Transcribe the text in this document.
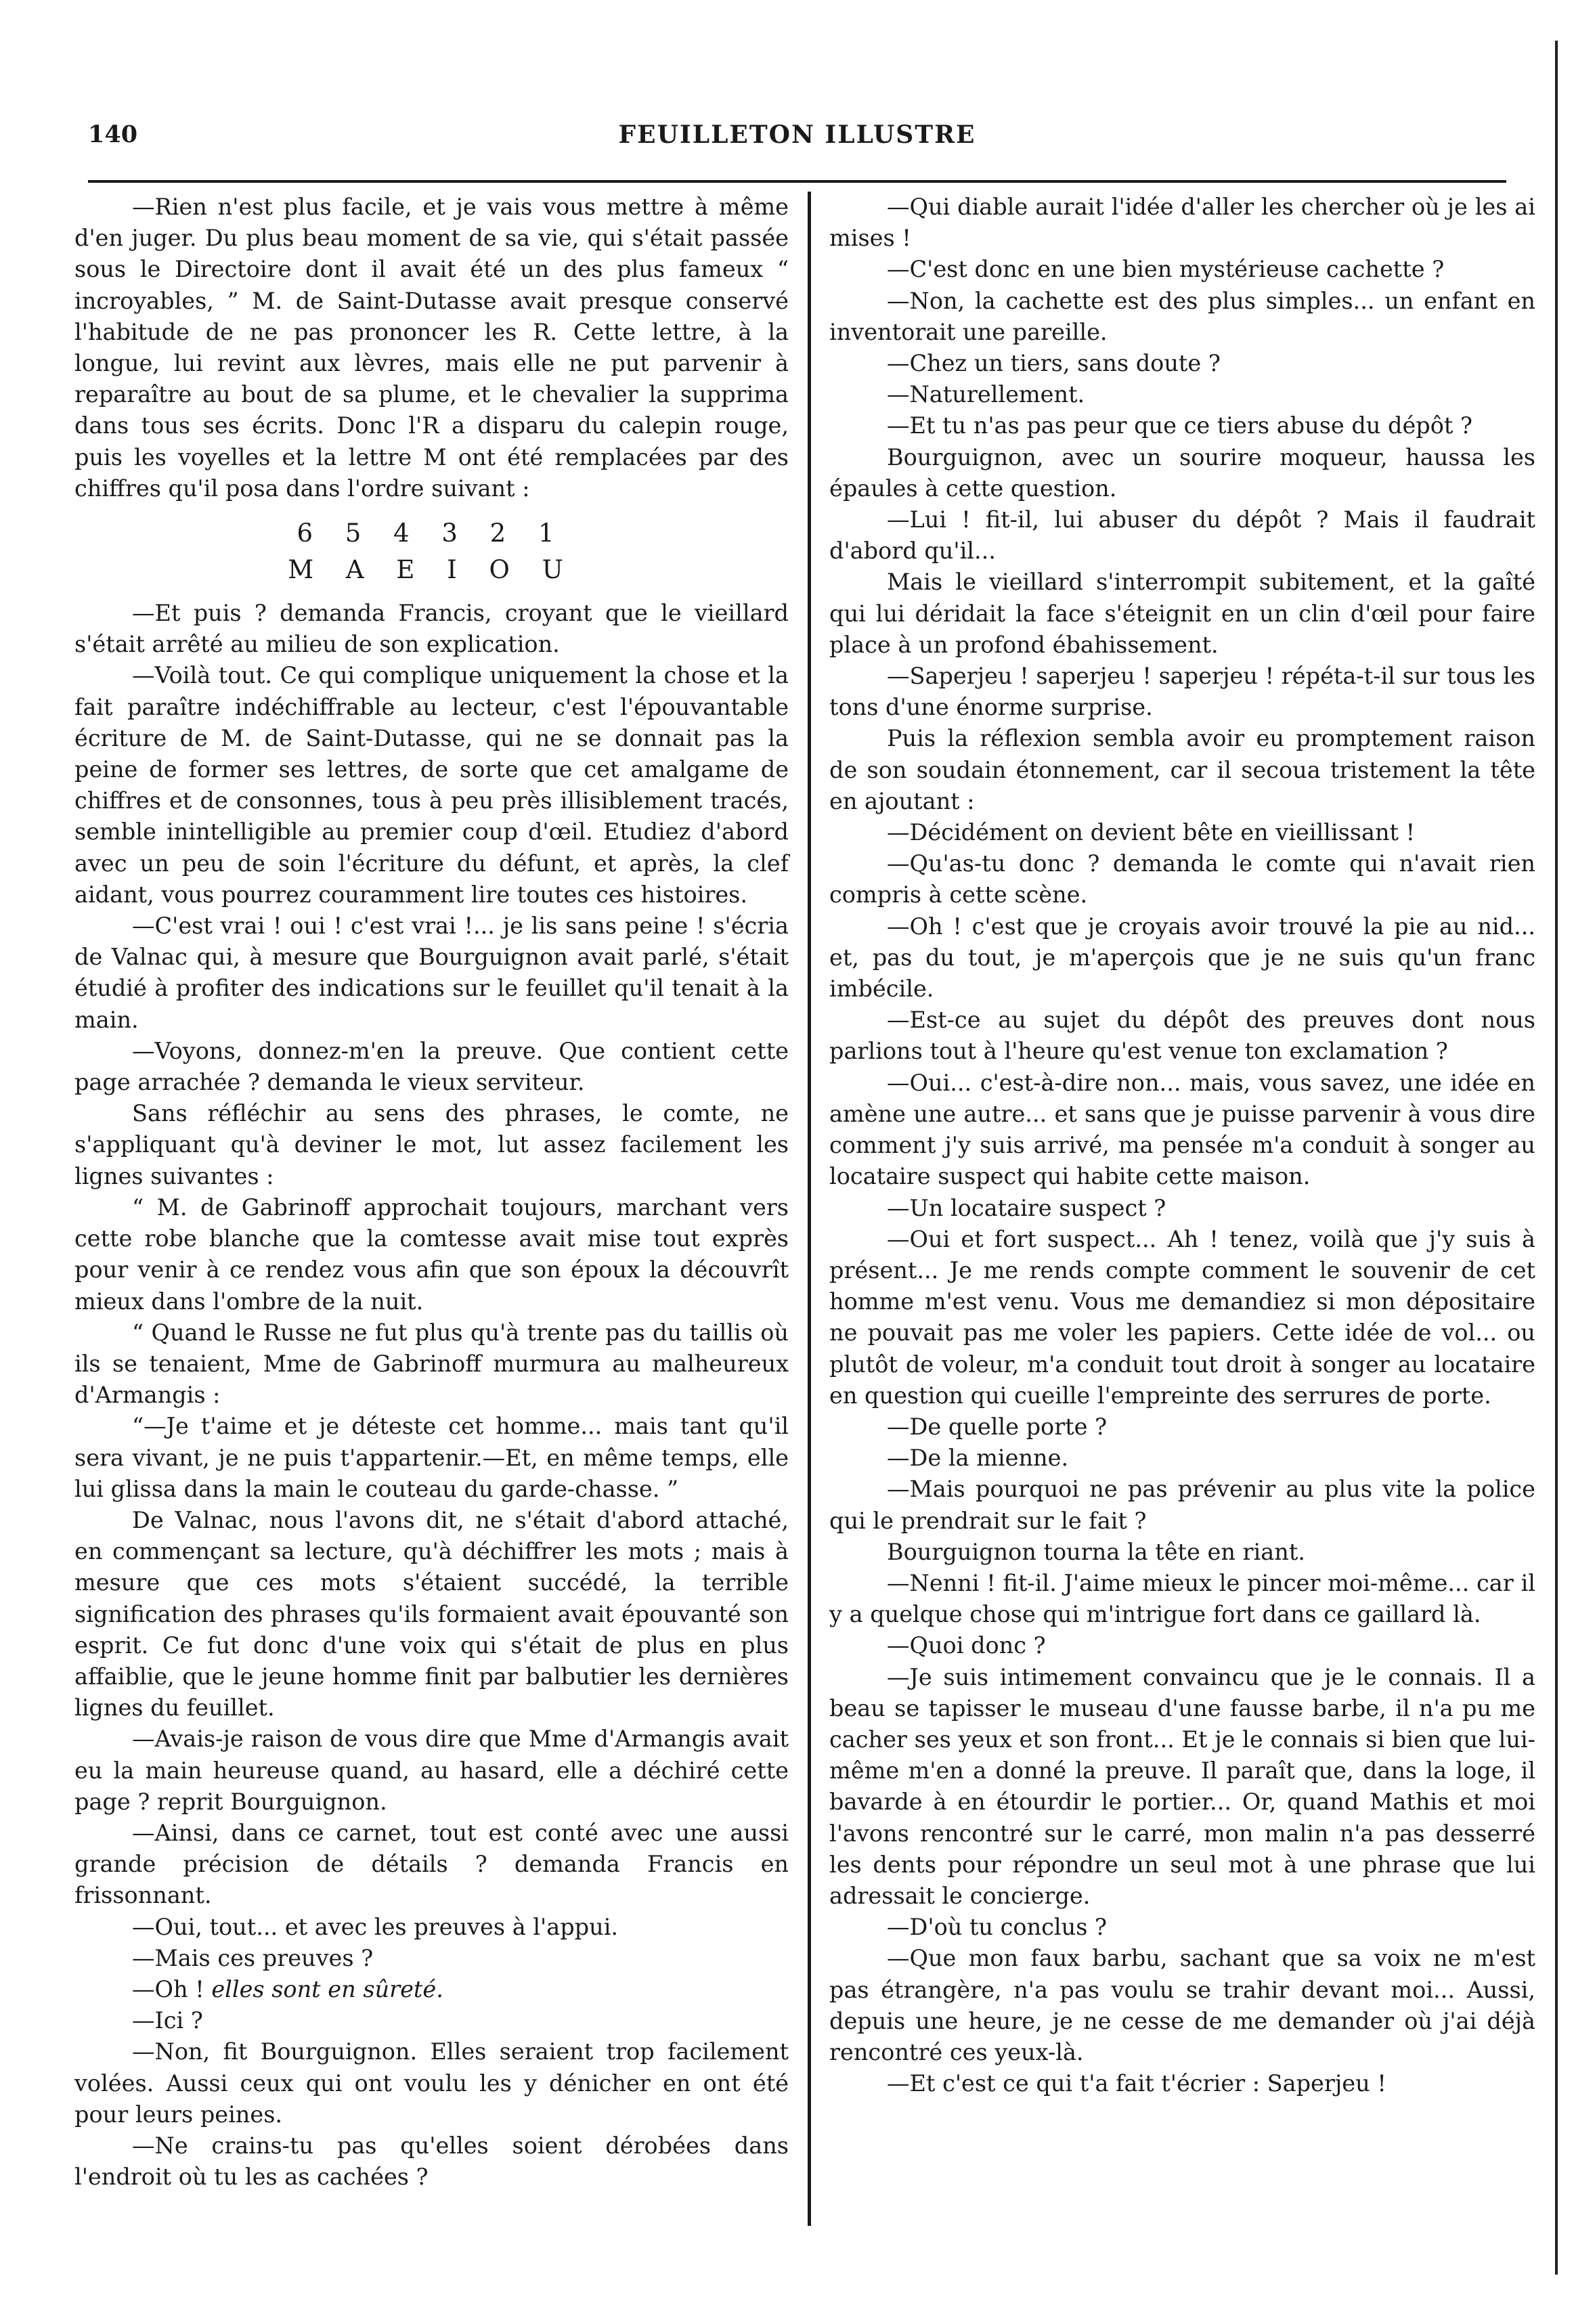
140	FEUILLETON ILLUSTRE

—Rien n'est plus facile, et je vais vous mettre à même d'en juger. Du plus beau moment de sa vie, qui s'était passée sous le Directoire dont il avait été un des plus fameux “ incroyables, ” M. de Saint-Dutasse avait presque conservé l'habitude de ne pas prononcer les R. Cette lettre, à la longue, lui revint aux lèvres, mais elle ne put parvenir à reparaître au bout de sa plume, et le chevalier la supprima dans tous ses écrits. Donc l'R a disparu du calepin rouge, puis les voyelles et la lettre M ont été remplacées par des chiffres qu'il posa dans l'ordre suivant :

6 5 4 3 2 1
M A E I O U

—Et puis ? demanda Francis, croyant que le vieillard s'était arrêté au milieu de son explication.

—Voilà tout. Ce qui complique uniquement la chose et la fait paraître indéchiffrable au lecteur, c'est l'épouvantable écriture de M. de Saint-Dutasse, qui ne se donnait pas la peine de former ses lettres, de sorte que cet amalgame de chiffres et de consonnes, tous à peu près illisiblement tracés, semble inintelligible au premier coup d'œil. Etudiez d'abord avec un peu de soin l'écriture du défunt, et après, la clef aidant, vous pourrez couramment lire toutes ces histoires.

—C'est vrai ! oui ! c'est vrai !... je lis sans peine ! s'écria de Valnac qui, à mesure que Bourguignon avait parlé, s'était étudié à profiter des indications sur le feuillet qu'il tenait à la main.

—Voyons, donnez-m'en la preuve. Que contient cette page arrachée ? demanda le vieux serviteur.

Sans réfléchir au sens des phrases, le comte, ne s'appliquant qu'à deviner le mot, lut assez facilement les lignes suivantes :

“ M. de Gabrinoff approchait toujours, marchant vers cette robe blanche que la comtesse avait mise tout exprès pour venir à ce rendez vous afin que son époux la découvrît mieux dans l'ombre de la nuit.

“ Quand le Russe ne fut plus qu'à trente pas du taillis où ils se tenaient, Mme de Gabrinoff murmura au malheureux d'Armangis :

“—Je t'aime et je déteste cet homme... mais tant qu'il sera vivant, je ne puis t'appartenir.—Et, en même temps, elle lui glissa dans la main le couteau du garde-chasse. ”

De Valnac, nous l'avons dit, ne s'était d'abord attaché, en commençant sa lecture, qu'à déchiffrer les mots ; mais à mesure que ces mots s'étaient succédé, la terrible signification des phrases qu'ils formaient avait épouvanté son esprit. Ce fut donc d'une voix qui s'était de plus en plus affaiblie, que le jeune homme finit par balbutier les dernières lignes du feuillet.

—Avais-je raison de vous dire que Mme d'Armangis avait eu la main heureuse quand, au hasard, elle a déchiré cette page ? reprit Bourguignon.

—Ainsi, dans ce carnet, tout est conté avec une aussi grande précision de détails ? demanda Francis en frissonnant.

—Oui, tout... et avec les preuves à l'appui.

—Mais ces preuves ?

—Oh ! elles sont en sûreté.

—Ici ?

—Non, fit Bourguignon. Elles seraient trop facilement volées. Aussi ceux qui ont voulu les y dénicher en ont été pour leurs peines.

—Ne crains-tu pas qu'elles soient dérobées dans l'endroit où tu les as cachées ?

—Qui diable aurait l'idée d'aller les chercher où je les ai mises !

—C'est donc en une bien mystérieuse cachette ?

—Non, la cachette est des plus simples... un enfant en inventorait une pareille.

—Chez un tiers, sans doute ?

—Naturellement.

—Et tu n'as pas peur que ce tiers abuse du dépôt ?

Bourguignon, avec un sourire moqueur, haussa les épaules à cette question.

—Lui ! fit-il, lui abuser du dépôt ? Mais il faudrait d'abord qu'il...

Mais le vieillard s'interrompit subitement, et la gaîté qui lui déridait la face s'éteignit en un clin d'œil pour faire place à un profond ébahissement.

—Saperjeu ! saperjeu ! saperjeu ! répéta-t-il sur tous les tons d'une énorme surprise.

Puis la réflexion sembla avoir eu promptement raison de son soudain étonnement, car il secoua tristement la tête en ajoutant :

—Décidément on devient bête en vieillissant !

—Qu'as-tu donc ? demanda le comte qui n'avait rien compris à cette scène.

—Oh ! c'est que je croyais avoir trouvé la pie au nid... et, pas du tout, je m'aperçois que je ne suis qu'un franc imbécile.

—Est-ce au sujet du dépôt des preuves dont nous parlions tout à l'heure qu'est venue ton exclamation ?

—Oui... c'est-à-dire non... mais, vous savez, une idée en amène une autre... et sans que je puisse parvenir à vous dire comment j'y suis arrivé, ma pensée m'a conduit à songer au locataire suspect qui habite cette maison.

—Un locataire suspect ?

—Oui et fort suspect... Ah ! tenez, voilà que j'y suis à présent... Je me rends compte comment le souvenir de cet homme m'est venu. Vous me demandiez si mon dépositaire ne pouvait pas me voler les papiers. Cette idée de vol... ou plutôt de voleur, m'a conduit tout droit à songer au locataire en question qui cueille l'empreinte des serrures de porte.

—De quelle porte ?

—De la mienne.

—Mais pourquoi ne pas prévenir au plus vite la police qui le prendrait sur le fait ?

Bourguignon tourna la tête en riant.

—Nenni ! fit-il. J'aime mieux le pincer moi-même... car il y a quelque chose qui m'intrigue fort dans ce gaillard là.

—Quoi donc ?

—Je suis intimement convaincu que je le connais. Il a beau se tapisser le museau d'une fausse barbe, il n'a pu me cacher ses yeux et son front... Et je le connais si bien que lui-même m'en a donné la preuve. Il paraît que, dans la loge, il bavarde à en étourdir le portier... Or, quand Mathis et moi l'avons rencontré sur le carré, mon malin n'a pas desserré les dents pour répondre un seul mot à une phrase que lui adressait le concierge.

—D'où tu conclus ?

—Que mon faux barbu, sachant que sa voix ne m'est pas étrangère, n'a pas voulu se trahir devant moi... Aussi, depuis une heure, je ne cesse de me demander où j'ai déjà rencontré ces yeux-là.

—Et c'est ce qui t'a fait t'écrier : Saperjeu !
